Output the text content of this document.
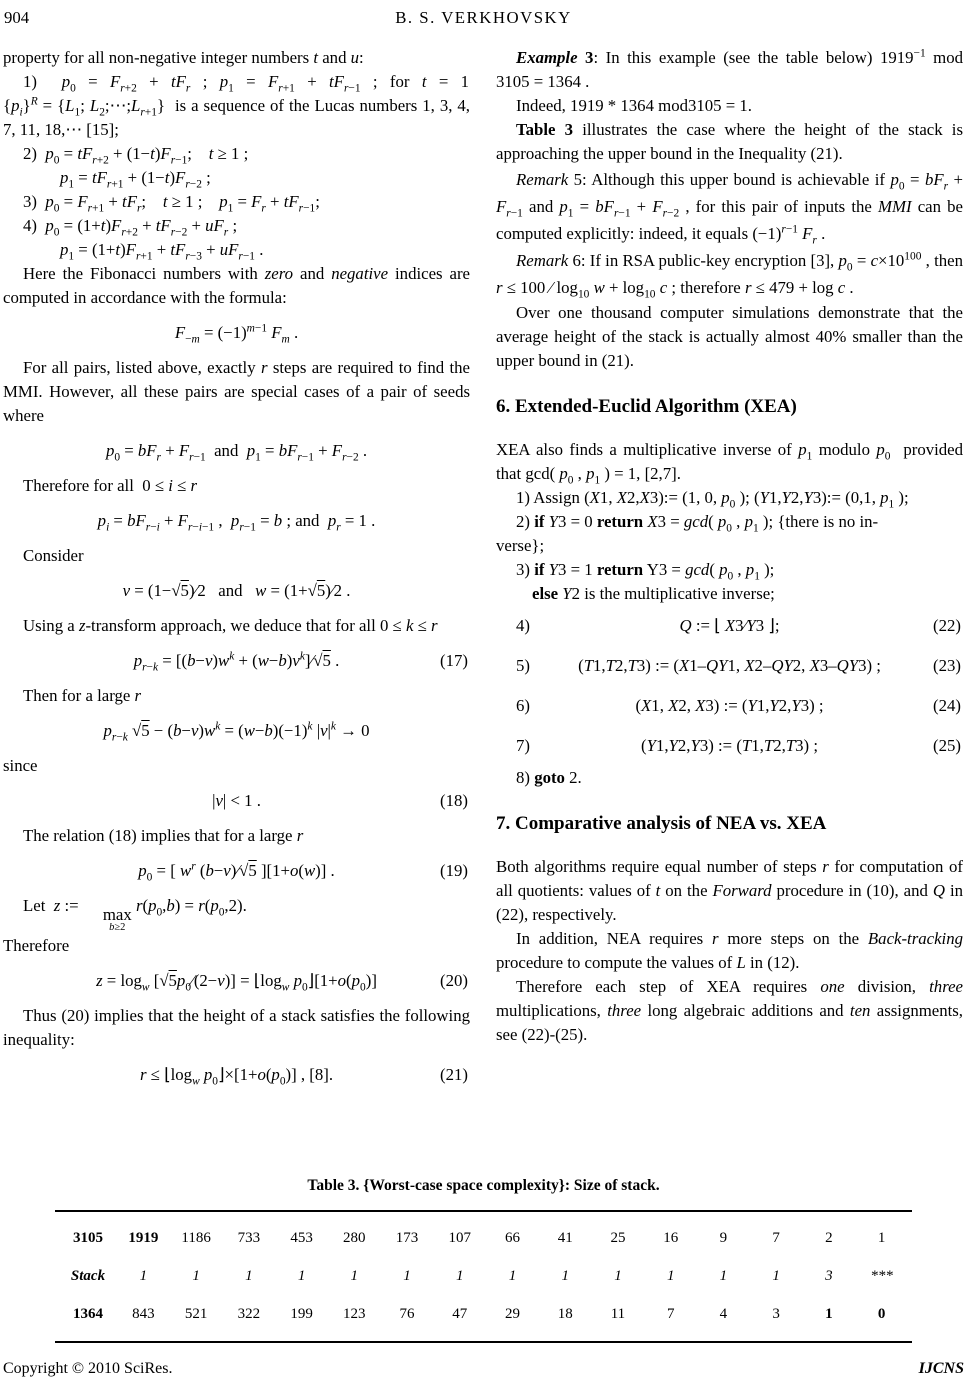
904	B. S. VERKHOVSKY
property for all non-negative integer numbers t and u:
1)  $p_0 = F_{r+2} + tF_r$ ; $p_1 = F_{r+1} + tF_{r-1}$ ; for t = 1
$\{p_i\}^R = \{L_1$; $L_2;\cdots;L_{r+1}$}  is a sequence of the Lucas numbers 1, 3, 4, 7, 11, 18,⋯ [15];
2)  $p_0 = tF_{r+2} + (1-t)F_{r-1}$; t ≥ 1 ;
$p_1 = tF_{r+1} + (1-t)F_{r-2}$ ;
3)  $p_0 = F_{r+1} + tF_r$; t ≥ 1 ; $p_1 = F_r + tF_{r-1}$;
4)  $p_0 = (1+t)F_{r+2} + tF_{r-2} + uF_r$ ;
$p_1 = (1+t)F_{r+1} + tF_{r-3} + uF_{r-1}$ .
Here the Fibonacci numbers with zero and negative indices are computed in accordance with the formula:
$F_{-m} = (-1)^{m-1}$ $F_m$ .
For all pairs, listed above, exactly r steps are required to find the MMI. However, all these pairs are special cases of a pair of seeds where
$p_0 = bF_r + F_{r-1}$  and  $p_1 = bF_{r-1} + F_{r-2}$ .
Therefore for all 0 ≤ i ≤ r
$p_i = bF_{r-i} + F_{r-i-1}$ , $p_{r-1} = b$ ; and $p_r = 1$ .
Consider
v = (1−√5)∕2  and  w = (1+√5)∕2 .
Using a z-transform approach, we deduce that for all 0 ≤ k ≤ r
$p_{r-k} = [(b-v)w^k$ + $(w-b)v^k]∕√5$ .	(17)
Then for a large r
$p_{r-k}$ $√5 - (b-v)w^k = (w-b)(-1)^k$ $|v|^k \to 0$
since
|v| < 1 .	(18)
The relation (18) implies that for a large r
$p_0$ = [ $w^r$ (b−v)∕√5 ][1+o(w)] .	(19)
Let z :=	max
b≥2
$r(p_0,b) = r(p_0,2)$.
Therefore
$z = \log_w$ $[√5p_0∕(2-v)]$ = $⌊\log_w$ $p_0⌋[1+o(p_0)]$	(20)
Thus (20) implies that the height of a stack satisfies the following inequality:
$r \le ⌊\log_w$ $p_0⌋\times[1+o(p_0)]$ , [8].	(21)
Example 3: In this example (see the table below) $1919^{-1}$ mod 3105 = 1364 .
Indeed, 1919 * 1364 mod3105 = 1.
Table 3 illustrates the case where the height of the stack is approaching the upper bound in the Inequality (21).
Remark 5: Although this upper bound is achievable if $p_0 = bF_r + F_{r-1}$ and $p_1 = bF_{r-1} + F_{r-2}$ , for this pair of inputs the MMI can be computed explicitly: indeed, it equals $(-1)^{r-1}$ $F_r$ .
Remark 6: If in RSA public-key encryption [3], $p_0 = c\times 10^{100}$ , then r ≤ 100 ∕ $\log_{10} w + \log_{10} c$ ; therefore r ≤ 479 + log c .
Over one thousand computer simulations demonstrate that the average height of the stack is actually almost 40% smaller than the upper bound in (21).
6. Extended-Euclid Algorithm (XEA)
XEA also finds a multiplicative inverse of $p_1$ modulo $p_0$  provided that gcd( $p_0$ , $p_1$ ) = 1, [2,7].
1) Assign (X1, X2,X3):= (1, 0, $p_0$ ); (Y1,Y2,Y3):= (0,1, $p_1$ );
2) if Y3 = 0 return X3 = gcd( $p_0$ , $p_1$ ); {there is no in-
verse};
3) if Y3 = 1 return Y3 = gcd( $p_0$ , $p_1$ );
else Y2 is the multiplicative inverse;
4)	Q := ⌊ X3∕Y3 ⌋;	(22)
5)	(T1,T2,T3) := (X1–QY1, X2–QY2, X3–QY3) ;	(23)
6)	(X1, X2, X3) := (Y1,Y2,Y3) ;	(24)
7)	(Y1,Y2,Y3) := (T1,T2,T3) ;	(25)
8) goto 2.
7. Comparative analysis of NEA vs. XEA
Both algorithms require equal number of steps r for computation of all quotients: values of t on the Forward procedure in (10), and Q in (22), respectively.
In addition, NEA requires r more steps on the Back-tracking procedure to compute the values of L in (12).
Therefore each step of XEA requires one division, three multiplications, three long algebraic additions and ten assignments, see (22)-(25).
Table 3. {Worst-case space complexity}: Size of stack.
3105	1919	1186	733	453	280	173	107	66	41	25	16	9	7	2	1
Stack	1	1	1	1	1	1	1	1	1	1	1	1	1	3	***
1364	843	521	322	199	123	76	47	29	18	11	7	4	3	1	0
Copyright © 2010 SciRes.	IJCNS
